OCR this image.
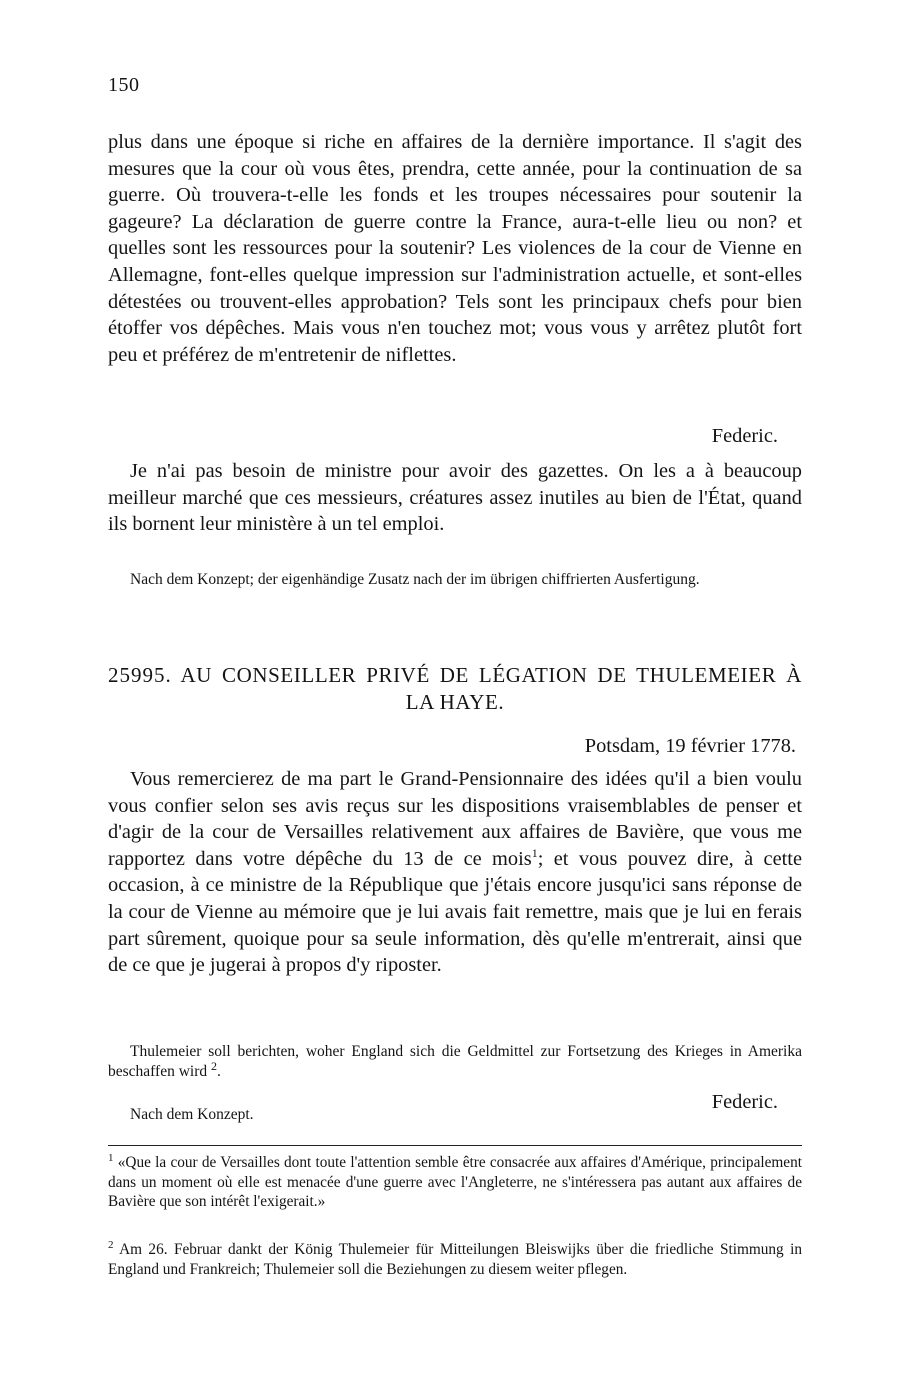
150

plus dans une époque si riche en affaires de la dernière importance. Il s'agit des mesures que la cour où vous êtes, prendra, cette année, pour la continuation de sa guerre. Où trouvera-t-elle les fonds et les troupes nécessaires pour soutenir la gageure? La déclaration de guerre contre la France, aura-t-elle lieu ou non? et quelles sont les ressources pour la soutenir? Les violences de la cour de Vienne en Allemagne, font-elles quelque impression sur l'administration actuelle, et sont-elles détestées ou trouvent-elles approbation? Tels sont les principaux chefs pour bien étoffer vos dépêches. Mais vous n'en touchez mot; vous vous y arrêtez plutôt fort peu et préférez de m'entretenir de niflettes.

Federic.

Je n'ai pas besoin de ministre pour avoir des gazettes. On les a à beaucoup meilleur marché que ces messieurs, créatures assez inutiles au bien de l'État, quand ils bornent leur ministère à un tel emploi.

Nach dem Konzept; der eigenhändige Zusatz nach der im übrigen chiffrierten Ausfertigung.

25995. AU CONSEILLER PRIVÉ DE LÉGATION DE THULEMEIER À LA HAYE.

Potsdam, 19 février 1778.

Vous remercierez de ma part le Grand-Pensionnaire des idées qu'il a bien voulu vous confier selon ses avis reçus sur les dispositions vraisemblables de penser et d'agir de la cour de Versailles relativement aux affaires de Bavière, que vous me rapportez dans votre dépêche du 13 de ce mois$^1$; et vous pouvez dire, à cette occasion, à ce ministre de la République que j'étais encore jusqu'ici sans réponse de la cour de Vienne au mémoire que je lui avais fait remettre, mais que je lui en ferais part sûrement, quoique pour sa seule information, dès qu'elle m'entrerait, ainsi que de ce que je jugerai à propos d'y riposter.

Thulemeier soll berichten, woher England sich die Geldmittel zur Fortsetzung des Krieges in Amerika beschaffen wird $^2$.

Federic.

Nach dem Konzept.

$^1$ «Que la cour de Versailles dont toute l'attention semble être consacrée aux affaires d'Amérique, principalement dans un moment où elle est menacée d'une guerre avec l'Angleterre, ne s'intéressera pas autant aux affaires de Bavière que son intérêt l'exigerait.»

$^2$ Am 26. Februar dankt der König Thulemeier für Mitteilungen Bleiswijks über die friedliche Stimmung in England und Frankreich; Thulemeier soll die Beziehungen zu diesem weiter pflegen.
